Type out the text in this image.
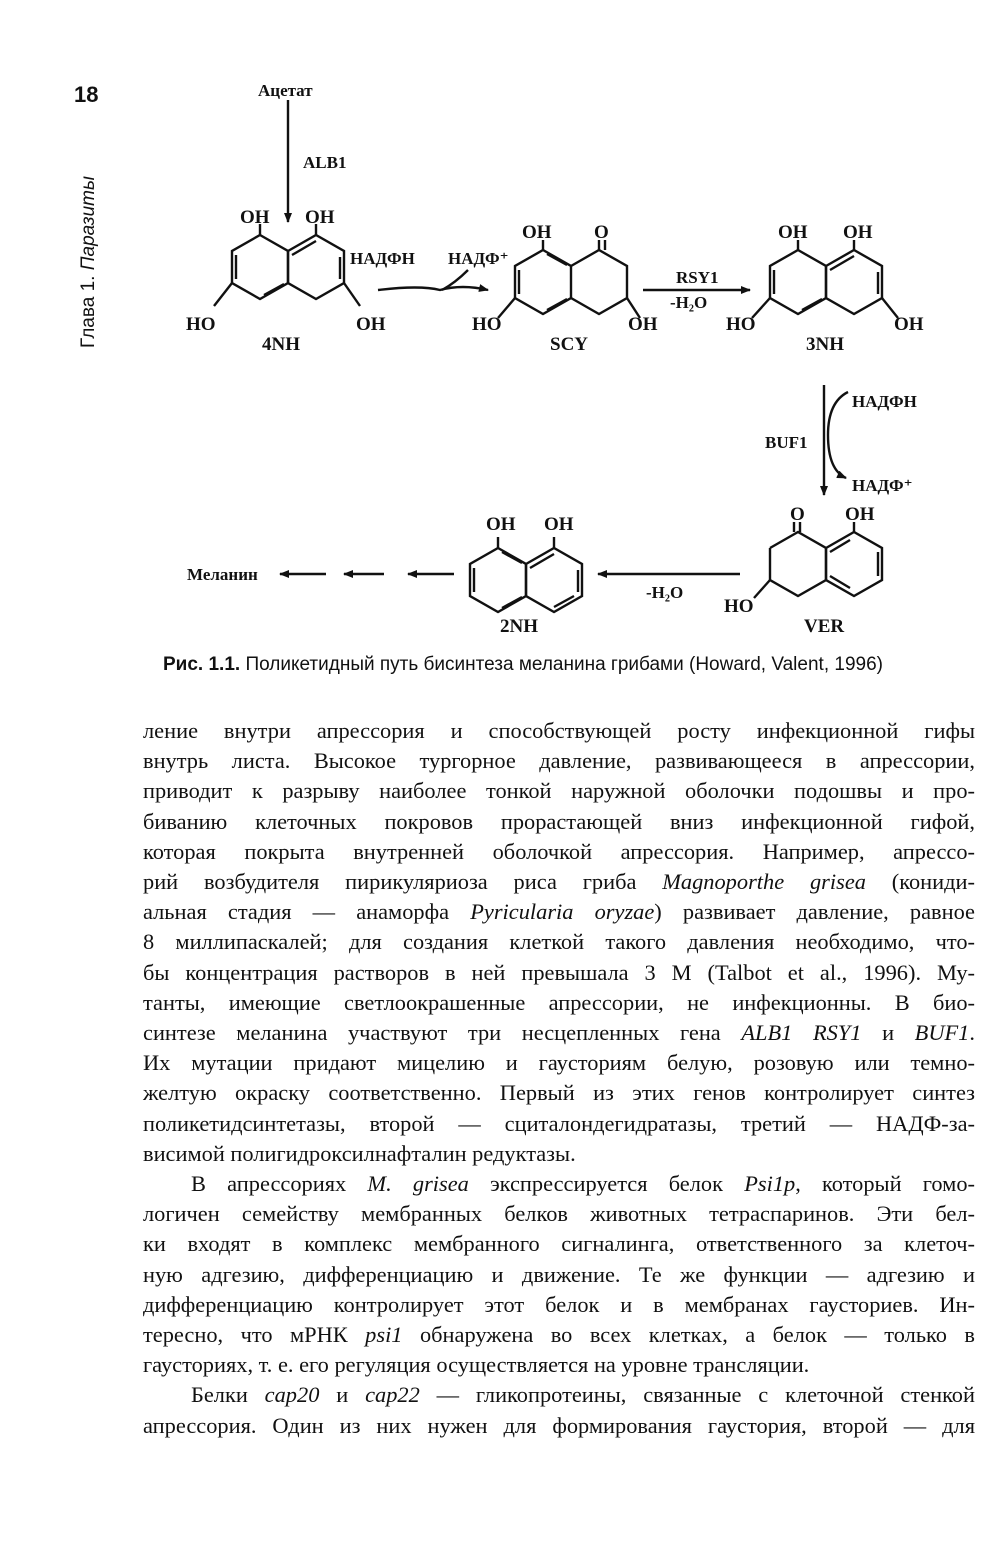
18
Глава 1. Паразиты
Ацетат
ALB1
OH OH
HO	OH
4NH
НАДФН НАДФ⁺
OH O
HO	OH
SCY
RSY1
-H₂O
OH OH
HO	OH
3NH
НАДФН
BUF1
НАДФ⁺
O OH
HO
VER
-H₂O
OH OH
2NH
Меланин
Рис. 1.1. Поликетидный путь бисинтеза меланина грибами (Howard, Valent, 1996)

ление внутри апрессория и способствующей росту инфекционной гифы

внутрь листа. Высокое тургорное давление, развивающееся в апрессории,

приводит к разрыву наиболее тонкой наружной оболочки подошвы и про-

биванию клеточных покровов прорастающей вниз инфекционной гифой,

которая покрыта внутренней оболочкой апрессория. Например, апрессо-

рий возбудителя пирикуляриоза риса гриба Magnoporthe grisea (кониди-

альная стадия — анаморфа Pyricularia oryzae) развивает давление, равное

8 миллипаскалей; для создания клеткой такого давления необходимо, что-

бы концентрация растворов в ней превышала 3 М (Talbot et al., 1996). Му-

танты, имеющие светлоокрашенные апрессории, не инфекционны. В био-

синтезе меланина участвуют три несцепленных гена ALB1 RSY1 и BUF1.

Их мутации придают мицелию и гаусториям белую, розовую или темно-

желтую окраску соответственно. Первый из этих генов контролирует синтез

поликетидсинтетазы, второй — сциталондегидратазы, третий — НАДФ-за-

висимой полигидроксилнафталин редуктазы.

В апрессориях M. grisea экспрессируется белок Psi1p, который гомо-

логичен семейству мембранных белков животных тетраспаринов. Эти бел-

ки входят в комплекс мембранного сигналинга, ответственного за клеточ-

ную адгезию, дифференциацию и движение. Те же функции — адгезию и

дифференциацию контролирует этот белок и в мембранах гаусториев. Ин-

тересно, что мРНК psi1 обнаружена во всех клетках, а белок — только в

гаусториях, т. е. его регуляция осуществляется на уровне трансляции.

Белки cap20 и cap22 — гликопротеины, связанные с клеточной стенкой

апрессория. Один из них нужен для формирования гаустория, второй — для
